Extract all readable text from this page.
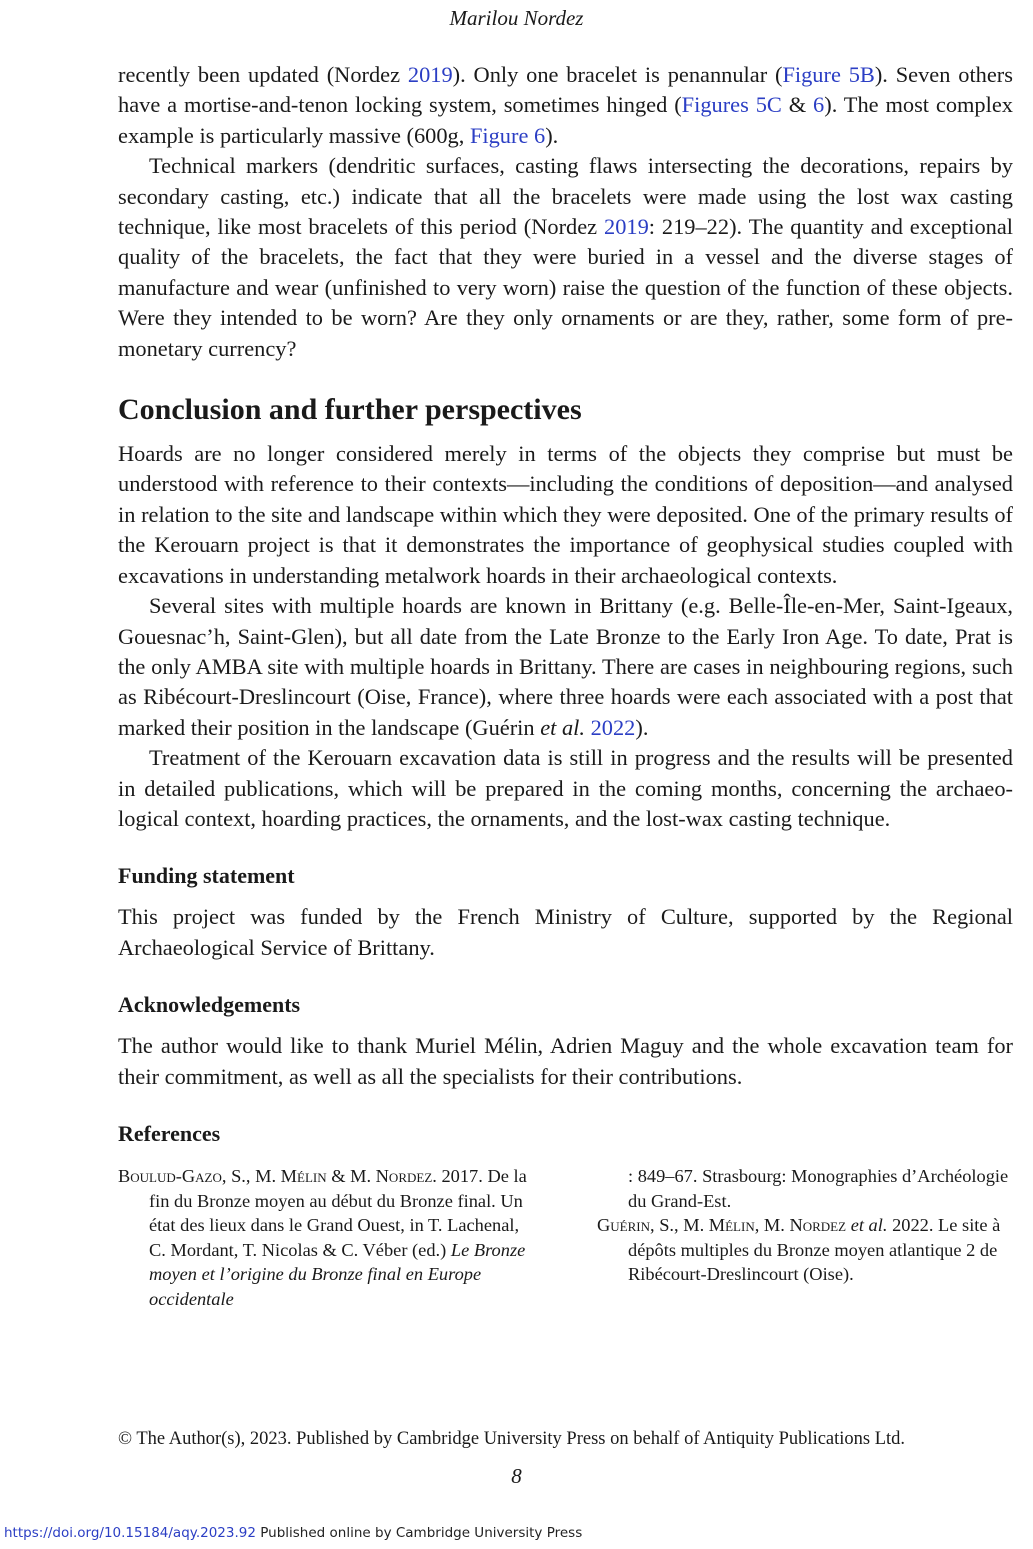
Marilou Nordez

recently been updated (Nordez 2019). Only one bracelet is penannular (Figure 5B). Seven others have a mortise-and-tenon locking system, sometimes hinged (Figures 5C & 6). The most complex example is particularly massive (600g, Figure 6).

Technical markers (dendritic surfaces, casting flaws intersecting the decorations, repairs by secondary casting, etc.) indicate that all the bracelets were made using the lost wax casting technique, like most bracelets of this period (Nordez 2019: 219–22). The quantity and exceptional quality of the bracelets, the fact that they were buried in a vessel and the diverse stages of manufacture and wear (unfinished to very worn) raise the question of the function of these objects. Were they intended to be worn? Are they only ornaments or are they, rather, some form of pre-monetary currency?

Conclusion and further perspectives

Hoards are no longer considered merely in terms of the objects they comprise but must be understood with reference to their contexts—including the conditions of deposition—and analysed in relation to the site and landscape within which they were deposited. One of the primary results of the Kerouarn project is that it demonstrates the importance of geophysical studies coupled with excavations in understanding metalwork hoards in their archaeological contexts.

Several sites with multiple hoards are known in Brittany (e.g. Belle-Île-en-Mer, Saint-Igeaux, Gouesnac’h, Saint-Glen), but all date from the Late Bronze to the Early Iron Age. To date, Prat is the only AMBA site with multiple hoards in Brittany. There are cases in neighbouring regions, such as Ribécourt-Dreslincourt (Oise, France), where three hoards were each associated with a post that marked their position in the landscape (Guérin et al. 2022).

Treatment of the Kerouarn excavation data is still in progress and the results will be presented in detailed publications, which will be prepared in the coming months, concerning the archaeological context, hoarding practices, the ornaments, and the lost-wax casting technique.

Funding statement

This project was funded by the French Ministry of Culture, supported by the Regional Archaeological Service of Brittany.

Acknowledgements

The author would like to thank Muriel Mélin, Adrien Maguy and the whole excavation team for their commitment, as well as all the specialists for their contributions.

References

Boulud-Gazo, S., M. Mélin & M. Nordez. 2017. De la fin du Bronze moyen au début du Bronze final. Un état des lieux dans le Grand Ouest, in T. Lachenal, C. Mordant, T. Nicolas & C. Véber (ed.) Le Bronze moyen et l’origine du Bronze final en Europe occidentale

: 849–67. Strasbourg: Monographies d’Archéologie du Grand-Est.

Guérin, S., M. Mélin, M. Nordez et al. 2022. Le site à dépôts multiples du Bronze moyen atlantique 2 de Ribécourt-Dreslincourt (Oise).

© The Author(s), 2023. Published by Cambridge University Press on behalf of Antiquity Publications Ltd.
8
https://doi.org/10.15184/aqy.2023.92 Published online by Cambridge University Press
